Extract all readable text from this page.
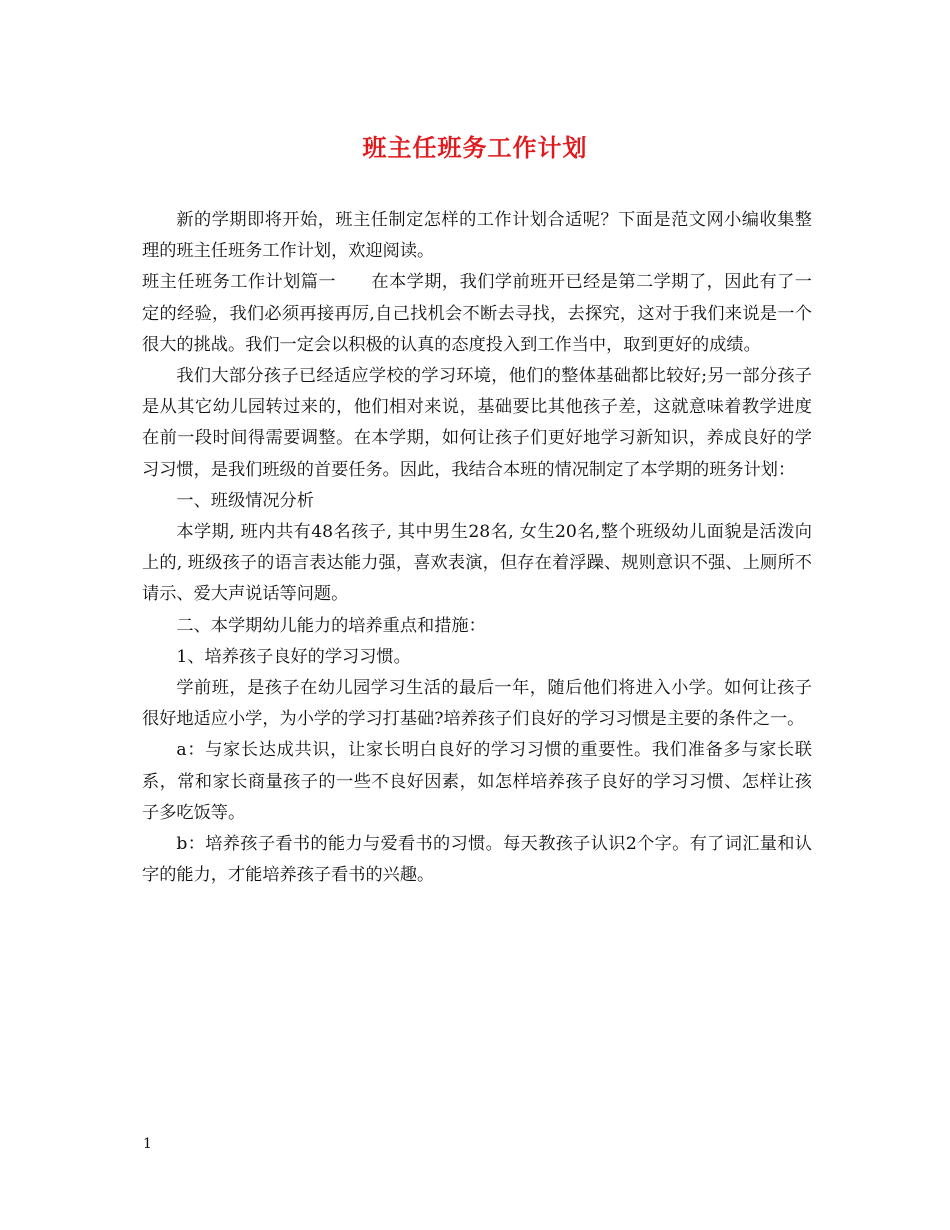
班主任班务工作计划

新的学期即将开始，班主任制定怎样的工作计划合适呢？下面是范文网小编收集整理的班主任班务工作计划，欢迎阅读。

班主任班务工作计划篇一　　在本学期，我们学前班开已经是第二学期了，因此有了一定的经验，我们必须再接再厉,自己找机会不断去寻找，去探究，这对于我们来说是一个很大的挑战。我们一定会以积极的认真的态度投入到工作当中，取到更好的成绩。

我们大部分孩子已经适应学校的学习环境，他们的整体基础都比较好;另一部分孩子是从其它幼儿园转过来的，他们相对来说，基础要比其他孩子差，这就意味着教学进度在前一段时间得需要调整。在本学期，如何让孩子们更好地学习新知识，养成良好的学习习惯，是我们班级的首要任务。因此，我结合本班的情况制定了本学期的班务计划：

一、班级情况分析

本学期, 班内共有48名孩子, 其中男生28名, 女生20名,整个班级幼儿面貌是活泼向上的, 班级孩子的语言表达能力强，喜欢表演，但存在着浮躁、规则意识不强、上厕所不请示、爱大声说话等问题。

二、本学期幼儿能力的培养重点和措施：

1、培养孩子良好的学习习惯。

学前班，是孩子在幼儿园学习生活的最后一年，随后他们将进入小学。如何让孩子很好地适应小学，为小学的学习打基础?培养孩子们良好的学习习惯是主要的条件之一。

a：与家长达成共识，让家长明白良好的学习习惯的重要性。我们准备多与家长联系，常和家长商量孩子的一些不良好因素，如怎样培养孩子良好的学习习惯、怎样让孩子多吃饭等。

b：培养孩子看书的能力与爱看书的习惯。每天教孩子认识2个字。有了词汇量和认字的能力，才能培养孩子看书的兴趣。

1
